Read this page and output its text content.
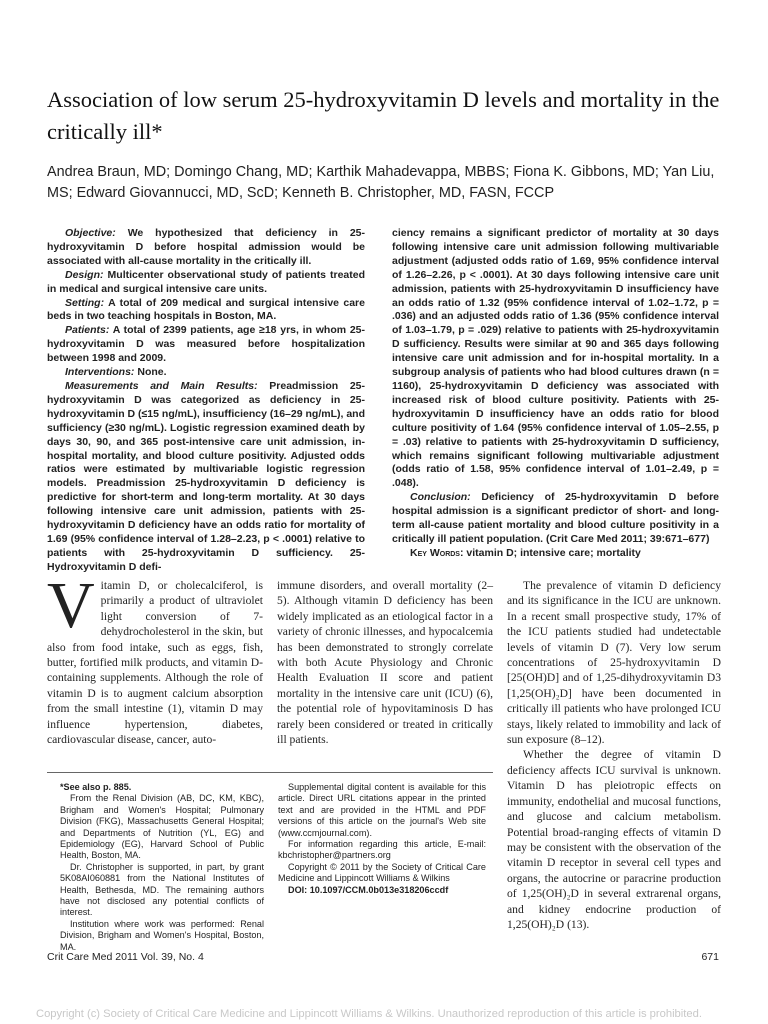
Association of low serum 25-hydroxyvitamin D levels and mortality in the critically ill*
Andrea Braun, MD; Domingo Chang, MD; Karthik Mahadevappa, MBBS; Fiona K. Gibbons, MD; Yan Liu, MS; Edward Giovannucci, MD, ScD; Kenneth B. Christopher, MD, FASN, FCCP

Objective: We hypothesized that deficiency in 25-hydroxyvitamin D before hospital admission would be associated with all-cause mortality in the critically ill.

Design: Multicenter observational study of patients treated in medical and surgical intensive care units.

Setting: A total of 209 medical and surgical intensive care beds in two teaching hospitals in Boston, MA.

Patients: A total of 2399 patients, age ≥18 yrs, in whom 25-hydroxyvitamin D was measured before hospitalization between 1998 and 2009.

Interventions: None.

Measurements and Main Results: Preadmission 25-hydroxyvitamin D was categorized as deficiency in 25-hydroxyvitamin D (≤15 ng/mL), insufficiency (16–29 ng/mL), and sufficiency (≥30 ng/mL). Logistic regression examined death by days 30, 90, and 365 post-intensive care unit admission, in-hospital mortality, and blood culture positivity. Adjusted odds ratios were estimated by multivariable logistic regression models. Preadmission 25-hydroxyvitamin D deficiency is predictive for short-term and long-term mortality. At 30 days following intensive care unit admission, patients with 25-hydroxyvitamin D deficiency have an odds ratio for mortality of 1.69 (95% confidence interval of 1.28–2.23, p < .0001) relative to patients with 25-hydroxyvitamin D sufficiency. 25-Hydroxyvitamin D defi-

ciency remains a significant predictor of mortality at 30 days following intensive care unit admission following multivariable adjustment (adjusted odds ratio of 1.69, 95% confidence interval of 1.26–2.26, p < .0001). At 30 days following intensive care unit admission, patients with 25-hydroxyvitamin D insufficiency have an odds ratio of 1.32 (95% confidence interval of 1.02–1.72, p = .036) and an adjusted odds ratio of 1.36 (95% confidence interval of 1.03–1.79, p = .029) relative to patients with 25-hydroxyvitamin D sufficiency. Results were similar at 90 and 365 days following intensive care unit admission and for in-hospital mortality. In a subgroup analysis of patients who had blood cultures drawn (n = 1160), 25-hydroxyvitamin D deficiency was associated with increased risk of blood culture positivity. Patients with 25-hydroxyvitamin D insufficiency have an odds ratio for blood culture positivity of 1.64 (95% confidence interval of 1.05–2.55, p = .03) relative to patients with 25-hydroxyvitamin D sufficiency, which remains significant following multivariable adjustment (odds ratio of 1.58, 95% confidence interval of 1.01–2.49, p = .048).

Conclusion: Deficiency of 25-hydroxyvitamin D before hospital admission is a significant predictor of short- and long-term all-cause patient mortality and blood culture positivity in a critically ill patient population. (Crit Care Med 2011; 39:671–677)

Key Words: vitamin D; intensive care; mortality

Vitamin D, or cholecalciferol, is primarily a product of ultraviolet light conversion of 7-dehydrocholesterol in the skin, but also from food intake, such as eggs, fish, butter, fortified milk products, and vitamin D-containing supplements. Although the role of vitamin D is to augment calcium absorption from the small intestine (1), vitamin D may influence hypertension, diabetes, cardiovascular disease, cancer, auto-

immune disorders, and overall mortality (2–5). Although vitamin D deficiency has been widely implicated as an etiological factor in a variety of chronic illnesses, and hypocalcemia has been demonstrated to strongly correlate with both Acute Physiology and Chronic Health Evaluation II score and patient mortality in the intensive care unit (ICU) (6), the potential role of hypovitaminosis D has rarely been considered or treated in critically ill patients.

The prevalence of vitamin D deficiency and its significance in the ICU are unknown. In a recent small prospective study, 17% of the ICU patients studied had undetectable levels of vitamin D (7). Very low serum concentrations of 25-hydroxyvitamin D [25(OH)D] and of 1,25-dihydroxyvitamin D3 [1,25(OH)₂D] have been documented in critically ill patients who have prolonged ICU stays, likely related to immobility and lack of sun exposure (8–12).

Whether the degree of vitamin D deficiency affects ICU survival is unknown. Vitamin D has pleiotropic effects on immunity, endothelial and mucosal functions, and glucose and calcium metabolism. Potential broad-ranging effects of vitamin D may be consistent with the observation of the vitamin D receptor in several cell types and organs, the autocrine or paracrine production of 1,25(OH)₂D in several extrarenal organs, and kidney endocrine production of 1,25(OH)₂D (13).

*See also p. 885.

From the Renal Division (AB, DC, KM, KBC), Brigham and Women's Hospital; Pulmonary Division (FKG), Massachusetts General Hospital; and Departments of Nutrition (YL, EG) and Epidemiology (EG), Harvard School of Public Health, Boston, MA.

Dr. Christopher is supported, in part, by grant 5K08AI060881 from the National Institutes of Health, Bethesda, MD. The remaining authors have not disclosed any potential conflicts of interest.

Institution where work was performed: Renal Division, Brigham and Women's Hospital, Boston, MA.

Supplemental digital content is available for this article. Direct URL citations appear in the printed text and are provided in the HTML and PDF versions of this article on the journal's Web site (www.ccmjournal.com).

For information regarding this article, E-mail: kbchristopher@partners.org

Copyright © 2011 by the Society of Critical Care Medicine and Lippincott Williams & Wilkins

DOI: 10.1097/CCM.0b013e318206ccdf

Crit Care Med 2011 Vol. 39, No. 4	671
Copyright (c) Society of Critical Care Medicine and Lippincott Williams & Wilkins. Unauthorized reproduction of this article is prohibited.
